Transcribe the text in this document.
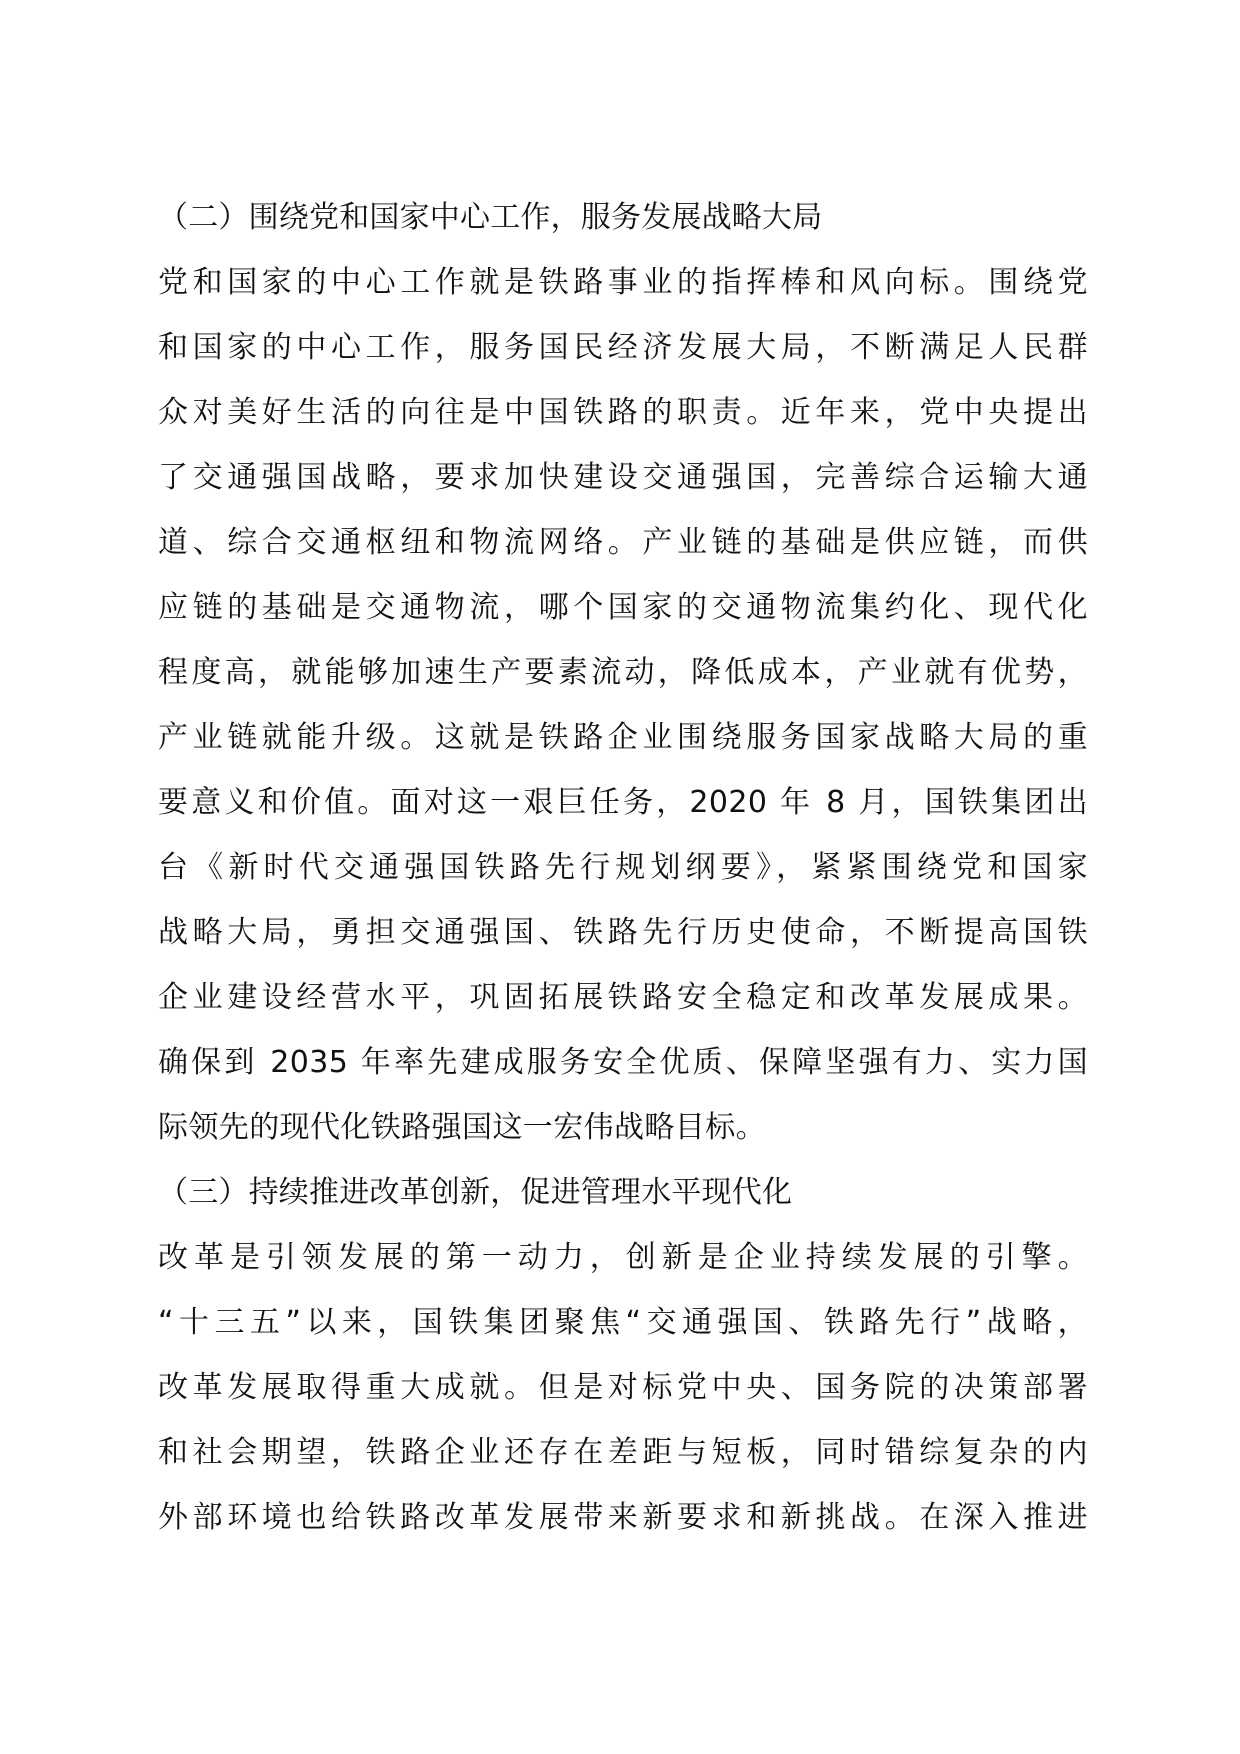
（二）围绕党和国家中心工作，服务发展战略大局
党和国家的中心工作就是铁路事业的指挥棒和风向标。围绕党
和国家的中心工作，服务国民经济发展大局，不断满足人民群
众对美好生活的向往是中国铁路的职责。近年来，党中央提出
了交通强国战略，要求加快建设交通强国，完善综合运输大通
道、综合交通枢纽和物流网络。产业链的基础是供应链，而供
应链的基础是交通物流，哪个国家的交通物流集约化、现代化
程度高，就能够加速生产要素流动，降低成本，产业就有优势，
产业链就能升级。这就是铁路企业围绕服务国家战略大局的重
要意义和价值。面对这一艰巨任务，2020 年 8 月，国铁集团出
台《新时代交通强国铁路先行规划纲要》，紧紧围绕党和国家
战略大局，勇担交通强国、铁路先行历史使命，不断提高国铁
企业建设经营水平，巩固拓展铁路安全稳定和改革发展成果。
确保到 2035 年率先建成服务安全优质、保障坚强有力、实力国
际领先的现代化铁路强国这一宏伟战略目标。
（三）持续推进改革创新，促进管理水平现代化
改革是引领发展的第一动力，创新是企业持续发展的引擎。
“十三五”以来，国铁集团聚焦“交通强国、铁路先行”战略，
改革发展取得重大成就。但是对标党中央、国务院的决策部署
和社会期望，铁路企业还存在差距与短板，同时错综复杂的内
外部环境也给铁路改革发展带来新要求和新挑战。在深入推进
